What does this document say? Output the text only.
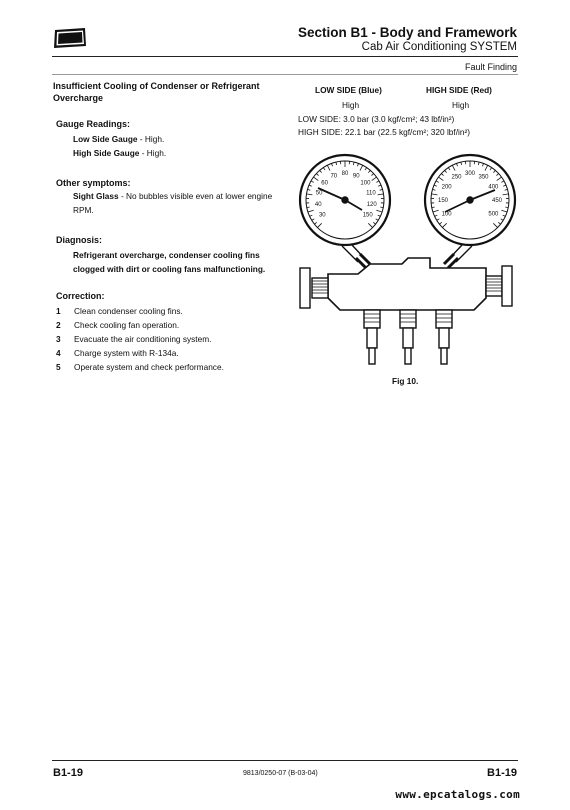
Section B1 - Body and Framework
Cab Air Conditioning SYSTEM
Fault Finding
Insufficient Cooling of Condenser or Refrigerant Overcharge
Gauge Readings:
Low Side Gauge - High.
High Side Gauge - High.
Other symptoms:
Sight Glass - No bubbles visible even at lower engine RPM.
Diagnosis:
Refrigerant overcharge, condenser cooling fins clogged with dirt or cooling fans malfunctioning.
Correction:
1 Clean condenser cooling fins.
2 Check cooling fan operation.
3 Evacuate the air conditioning system.
4 Charge system with R-134a.
5 Operate system and check performance.
LOW SIDE (Blue)	HIGH SIDE (Red)
High	High
LOW SIDE: 3.0 bar (3.0 kgf/cm²; 43 lbf/in²)
HIGH SIDE: 22.1 bar (22.5 kgf/cm²; 320 lbf/in²)
30
40
50
60
70 80 90
100
110
120
150	100
150
200
250
300
350
400
450
500
Fig 10.
B1-19	9813/0250-07 (B-03-04)	B1-19
www.epcatalogs.com
